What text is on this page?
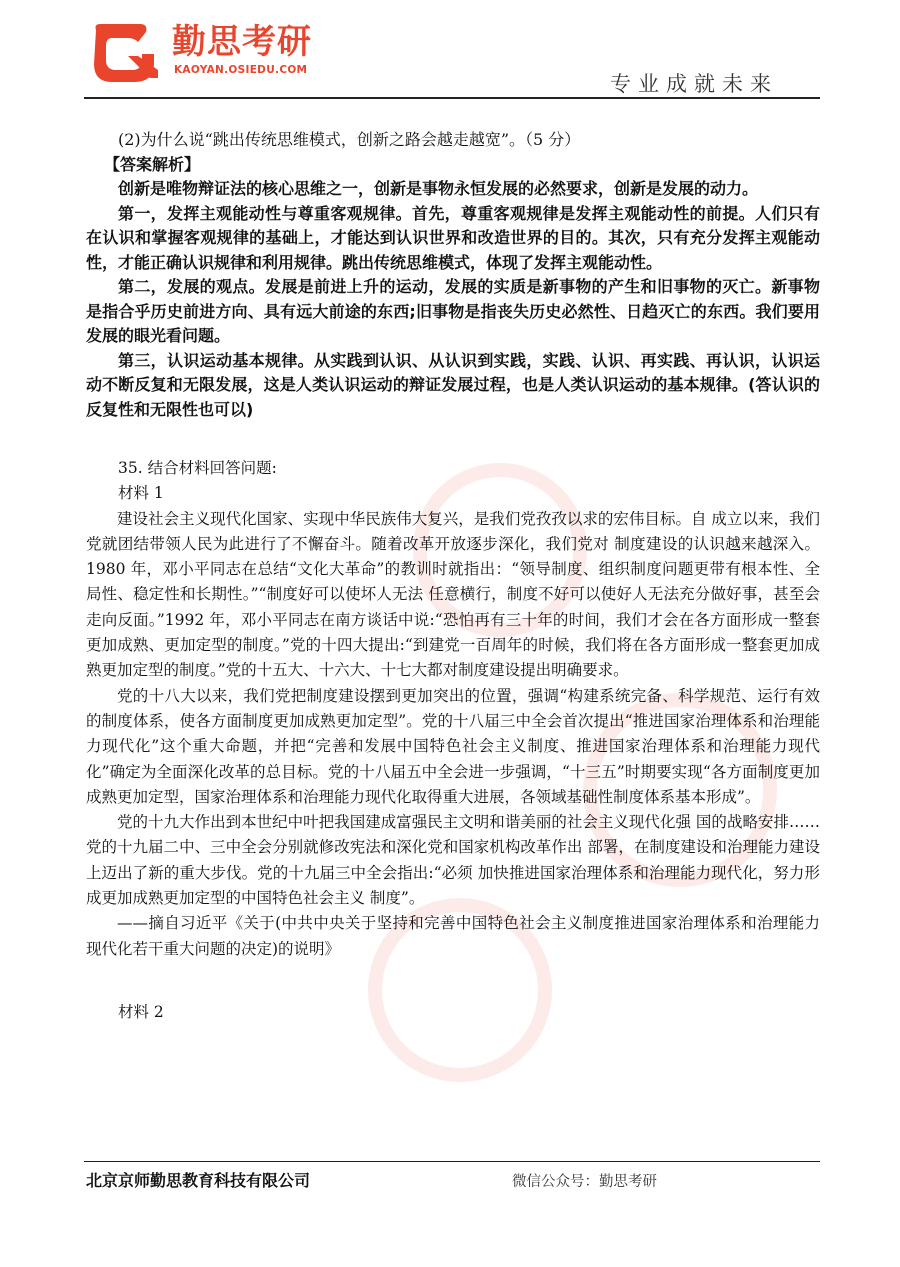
勤思考研
KAOYAN.OSIEDU.COM
专业成就未来

(2)为什么说“跳出传统思维模式，创新之路会越走越宽”。（5 分）

【答案解析】

创新是唯物辩证法的核心思维之一，创新是事物永恒发展的必然要求，创新是发展的动力。

第一，发挥主观能动性与尊重客观规律。首先，尊重客观规律是发挥主观能动性的前提。人们只有在认识和掌握客观规律的基础上，才能达到认识世界和改造世界的目的。其次，只有充分发挥主观能动性，才能正确认识规律和利用规律。跳出传统思维模式，体现了发挥主观能动性。

第二，发展的观点。发展是前进上升的运动，发展的实质是新事物的产生和旧事物的灭亡。新事物是指合乎历史前进方向、具有远大前途的东西;旧事物是指丧失历史必然性、日趋灭亡的东西。我们要用发展的眼光看问题。

第三，认识运动基本规律。从实践到认识、从认识到实践，实践、认识、再实践、再认识，认识运动不断反复和无限发展，这是人类认识运动的辩证发展过程，也是人类认识运动的基本规律。(答认识的反复性和无限性也可以)

35. 结合材料回答问题:

材料 1

建设社会主义现代化国家、实现中华民族伟大复兴，是我们党孜孜以求的宏伟目标。自 成立以来，我们党就团结带领人民为此进行了不懈奋斗。随着改革开放逐步深化，我们党对 制度建设的认识越来越深入。1980 年，邓小平同志在总结“文化大革命”的教训时就指出：“领导制度、组织制度问题更带有根本性、全局性、稳定性和长期性。”“制度好可以使坏人无法 任意横行，制度不好可以使好人无法充分做好事，甚至会走向反面。”1992 年，邓小平同志在南方谈话中说:“恐怕再有三十年的时间，我们才会在各方面形成一整套更加成熟、更加定型的制度。”党的十四大提出:“到建党一百周年的时候，我们将在各方面形成一整套更加成熟更加定型的制度。”党的十五大、十六大、十七大都对制度建设提出明确要求。

党的十八大以来，我们党把制度建设摆到更加突出的位置，强调“构建系统完备、科学规范、运行有效的制度体系，使各方面制度更加成熟更加定型”。党的十八届三中全会首次提出“推进国家治理体系和治理能力现代化”这个重大命题，并把“完善和发展中国特色社会主义制度、推进国家治理体系和治理能力现代化”确定为全面深化改革的总目标。党的十八届五中全会进一步强调，“十三五”时期要实现“各方面制度更加成熟更加定型，国家治理体系和治理能力现代化取得重大进展，各领域基础性制度体系基本形成”。

党的十九大作出到本世纪中叶把我国建成富强民主文明和谐美丽的社会主义现代化强 国的战略安排……党的十九届二中、三中全会分别就修改宪法和深化党和国家机构改革作出 部署，在制度建设和治理能力建设上迈出了新的重大步伐。党的十九届三中全会指出:“必须 加快推进国家治理体系和治理能力现代化，努力形成更加成熟更加定型的中国特色社会主义 制度”。

——摘自习近平《关于(中共中央关于坚持和完善中国特色社会主义制度推进国家治理体系和治理能力现代化若干重大问题的决定)的说明》

材料 2

北京京师勤思教育科技有限公司	微信公众号：勤思考研
